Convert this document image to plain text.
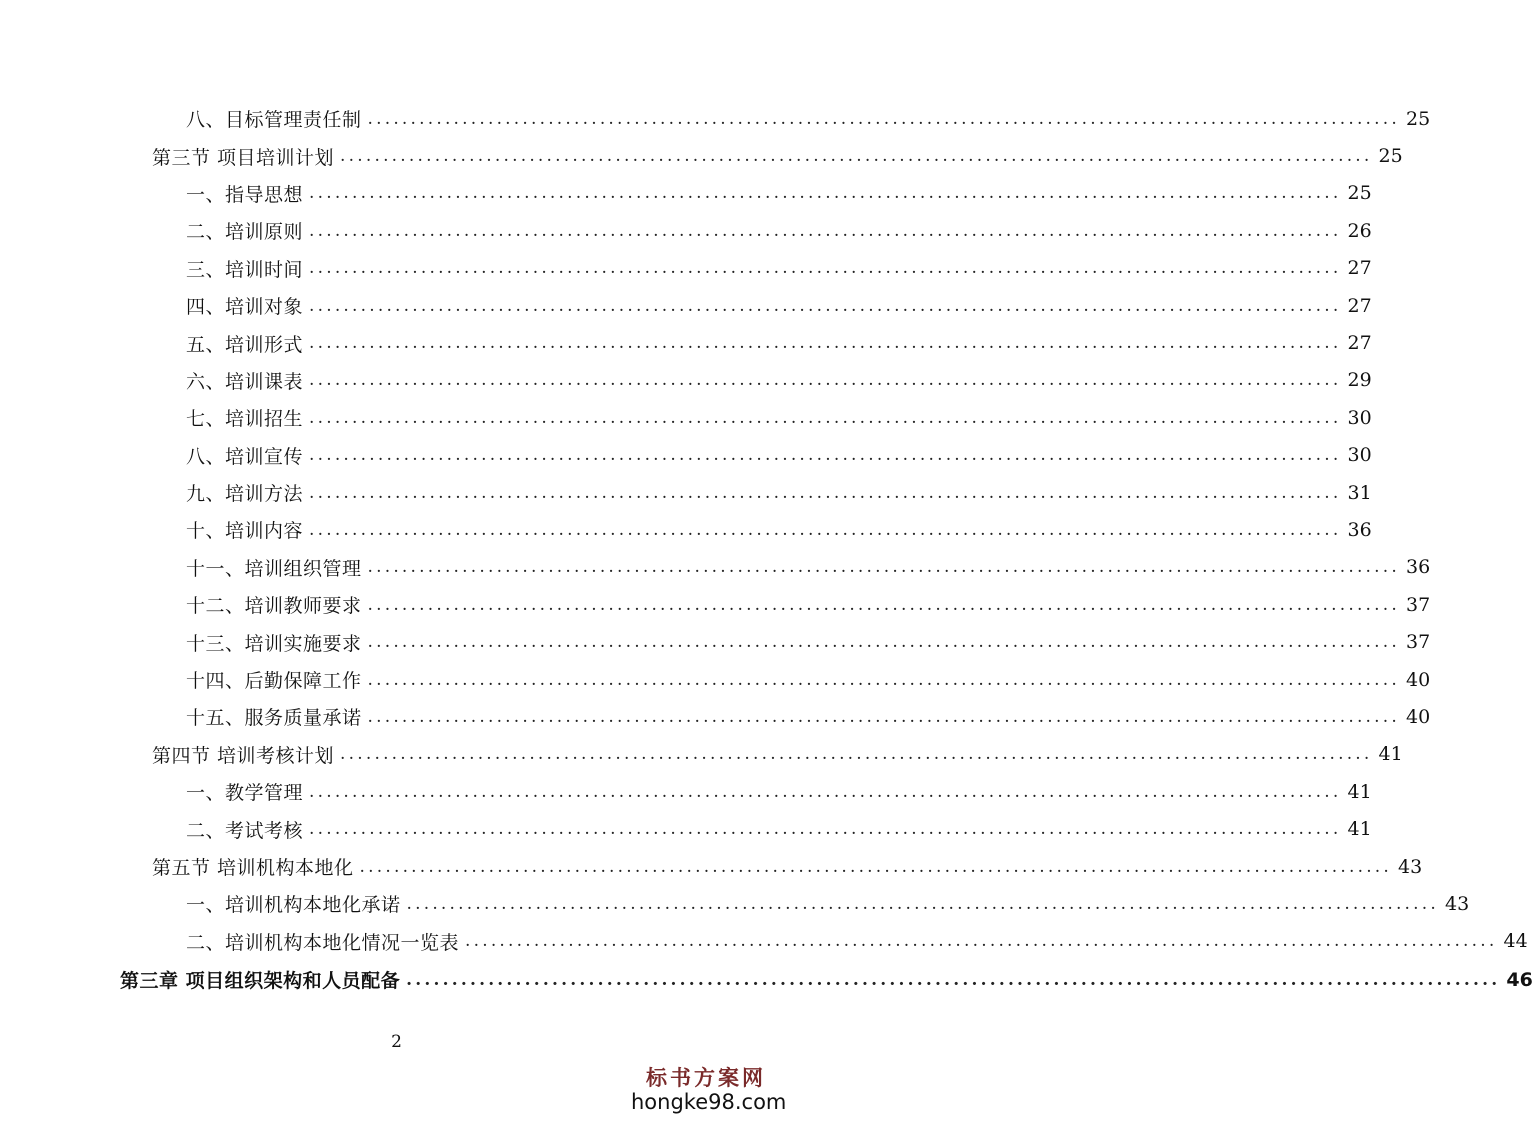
八、目标管理责任制 ........................................................................................................................ 25
第三节 项目培训计划 ........................................................................................................................ 25
一、指导思想 ........................................................................................................................ 25
二、培训原则 ........................................................................................................................ 26
三、培训时间 ........................................................................................................................ 27
四、培训对象 ........................................................................................................................ 27
五、培训形式 ........................................................................................................................ 27
六、培训课表 ........................................................................................................................ 29
七、培训招生 ........................................................................................................................ 30
八、培训宣传 ........................................................................................................................ 30
九、培训方法 ........................................................................................................................ 31
十、培训内容 ........................................................................................................................ 36
十一、培训组织管理 ........................................................................................................................ 36
十二、培训教师要求 ........................................................................................................................ 37
十三、培训实施要求 ........................................................................................................................ 37
十四、后勤保障工作 ........................................................................................................................ 40
十五、服务质量承诺 ........................................................................................................................ 40
第四节 培训考核计划 ........................................................................................................................ 41
一、教学管理 ........................................................................................................................ 41
二、考试考核 ........................................................................................................................ 41
第五节 培训机构本地化 ........................................................................................................................ 43
一、培训机构本地化承诺 ........................................................................................................................ 43
二、培训机构本地化情况一览表 ........................................................................................................................ 44
第三章 项目组织架构和人员配备 ........................................................................................................................ 46
2
标书方案网
hongke98.com
